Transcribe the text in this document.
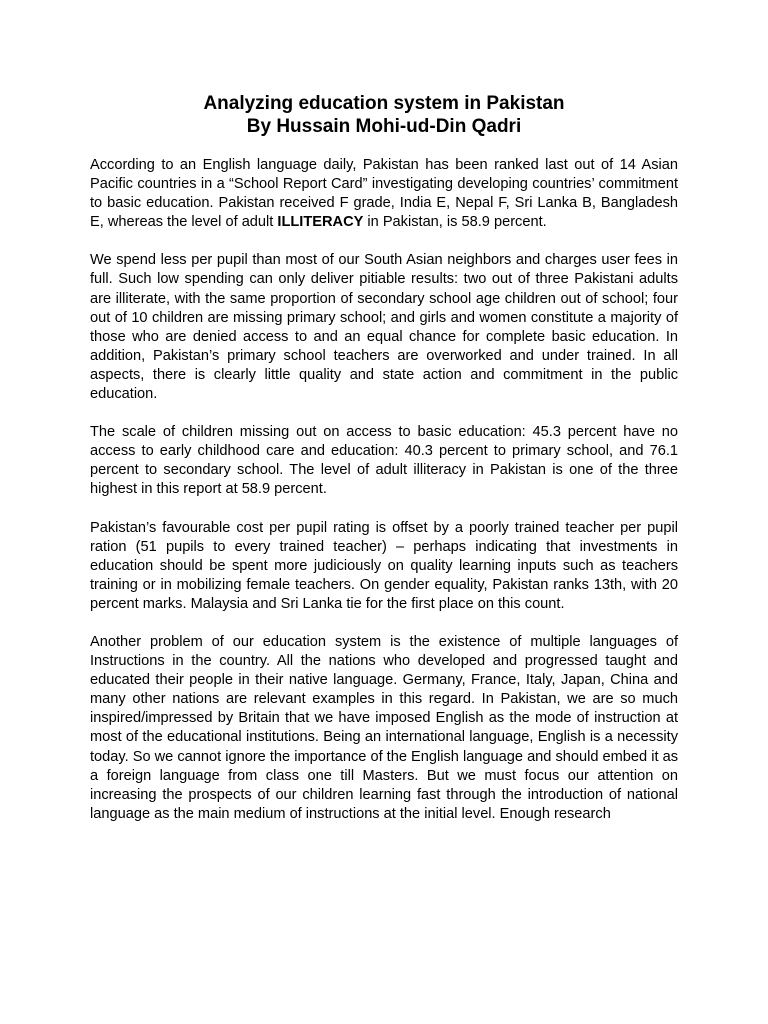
Analyzing education system in Pakistan
By Hussain Mohi-ud-Din Qadri

According to an English language daily, Pakistan has been ranked last out of 14 Asian Pacific countries in a “School Report Card” investigating developing countries’ commitment to basic education. Pakistan received F grade, India E, Nepal F, Sri Lanka B, Bangladesh E, whereas the level of adult ILLITERACY in Pakistan, is 58.9 percent.

We spend less per pupil than most of our South Asian neighbors and charges user fees in full. Such low spending can only deliver pitiable results: two out of three Pakistani adults are illiterate, with the same proportion of secondary school age children out of school; four out of 10 children are missing primary school; and girls and women constitute a majority of those who are denied access to and an equal chance for complete basic education. In addition, Pakistan’s primary school teachers are overworked and under trained. In all aspects, there is clearly little quality and state action and commitment in the public education.

The scale of children missing out on access to basic education: 45.3 percent have no access to early childhood care and education: 40.3 percent to primary school, and 76.1 percent to secondary school. The level of adult illiteracy in Pakistan is one of the three highest in this report at 58.9 percent.

Pakistan’s favourable cost per pupil rating is offset by a poorly trained teacher per pupil ration (51 pupils to every trained teacher) – perhaps indicating that investments in education should be spent more judiciously on quality learning inputs such as teachers training or in mobilizing female teachers. On gender equality, Pakistan ranks 13th, with 20 percent marks. Malaysia and Sri Lanka tie for the first place on this count.

Another problem of our education system is the existence of multiple languages of Instructions in the country. All the nations who developed and progressed taught and educated their people in their native language. Germany, France, Italy, Japan, China and many other nations are relevant examples in this regard. In Pakistan, we are so much inspired/impressed by Britain that we have imposed English as the mode of instruction at most of the educational institutions. Being an international language, English is a necessity today. So we cannot ignore the importance of the English language and should embed it as a foreign language from class one till Masters. But we must focus our attention on increasing the prospects of our children learning fast through the introduction of national language as the main medium of instructions at the initial level. Enough research
